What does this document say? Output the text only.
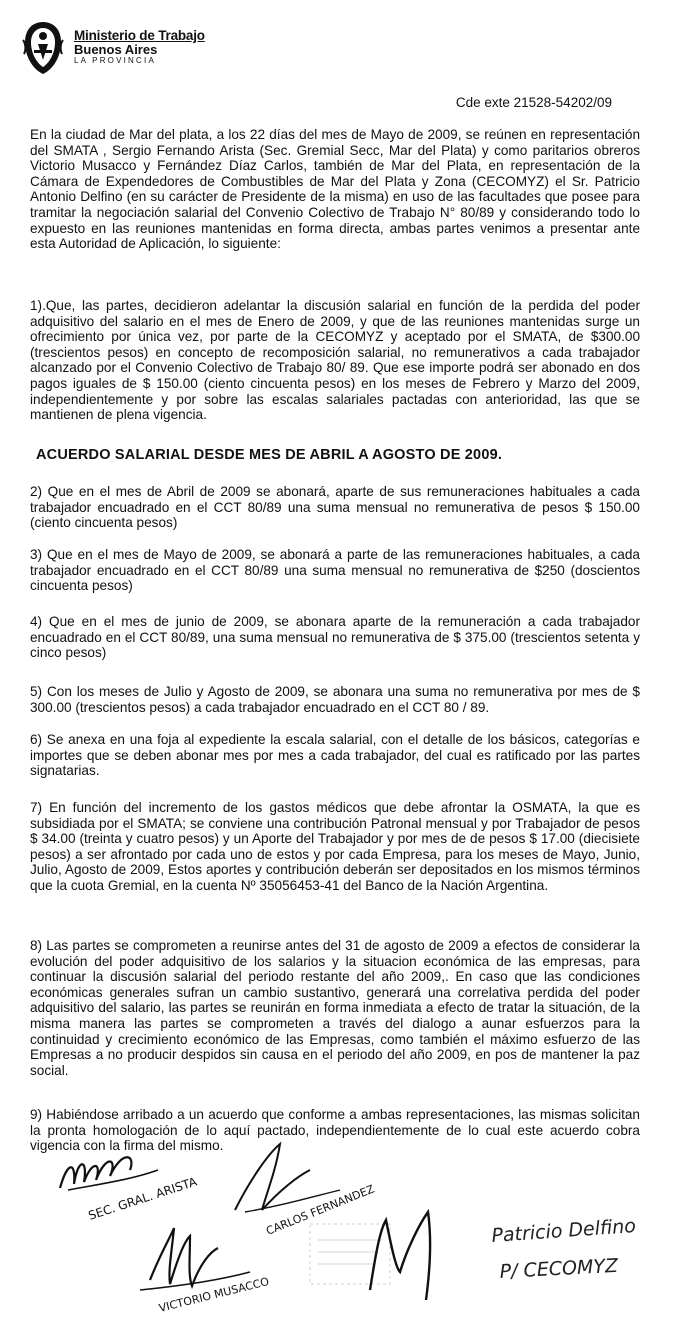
Ministerio de Trabajo
Buenos Aires
LA PROVINCIA
Cde exte 21528-54202/09

En la ciudad de Mar del plata, a los 22 días del mes de Mayo de 2009, se reúnen en representación del SMATA , Sergio Fernando Arista (Sec. Gremial Secc, Mar del Plata) y como paritarios obreros Victorio Musacco y Fernández Díaz Carlos, también de Mar del Plata, en representación de la Cámara de Expendedores de Combustibles de Mar del Plata y Zona (CECOMYZ) el Sr. Patricio Antonio Delfino (en su carácter de Presidente de la misma) en uso de las facultades que posee para tramitar la negociación salarial del Convenio Colectivo de Trabajo N° 80/89 y considerando todo lo expuesto en las reuniones mantenidas en forma directa, ambas partes venimos a presentar ante esta Autoridad de Aplicación, lo siguiente:

1).Que, las partes, decidieron adelantar la discusión salarial en función de la perdida del poder adquisitivo del salario en el mes de Enero de 2009, y que de las reuniones mantenidas surge un ofrecimiento por única vez, por parte de la CECOMYZ y aceptado por el SMATA, de $300.00 (trescientos pesos) en concepto de recomposición salarial, no remunerativos a cada trabajador alcanzado por el Convenio Colectivo de Trabajo 80/ 89. Que ese importe podrá ser abonado en dos pagos iguales de $ 150.00 (ciento cincuenta pesos) en los meses de Febrero y Marzo del 2009, independientemente y por sobre las escalas salariales pactadas con anterioridad, las que se mantienen de plena vigencia.

ACUERDO SALARIAL DESDE MES DE ABRIL A AGOSTO DE 2009.

2) Que en el mes de Abril de 2009 se abonará, aparte de sus remuneraciones habituales a cada trabajador encuadrado en el CCT 80/89 una suma mensual no remunerativa de pesos $ 150.00 (ciento cincuenta pesos)

3) Que en el mes de Mayo de 2009, se abonará a parte de las remuneraciones habituales, a cada trabajador encuadrado en el CCT 80/89 una suma mensual no remunerativa de $250 (doscientos cincuenta pesos)

4) Que en el mes de junio de 2009, se abonara aparte de la remuneración a cada trabajador encuadrado en el CCT 80/89, una suma mensual no remunerativa de $ 375.00 (trescientos setenta y cinco pesos)

5) Con los meses de Julio y Agosto de 2009, se abonara una suma no remunerativa por mes de $ 300.00 (trescientos pesos) a cada trabajador encuadrado en el CCT 80 / 89.

6) Se anexa en una foja al expediente la escala salarial, con el detalle de los básicos, categorías e importes que se deben abonar mes por mes a cada trabajador, del cual es ratificado por las partes signatarias.

7) En función del incremento de los gastos médicos que debe afrontar la OSMATA, la que es subsidiada por el SMATA; se conviene una contribución Patronal mensual y por Trabajador de pesos $ 34.00 (treinta y cuatro pesos) y un Aporte del Trabajador y por mes de de pesos $ 17.00 (diecisiete pesos) a ser afrontado por cada uno de estos y por cada Empresa, para los meses de Mayo, Junio, Julio, Agosto de 2009, Estos aportes y contribución deberán ser depositados en los mismos términos que la cuota Gremial, en la cuenta Nº 35056453-41 del Banco de la Nación Argentina.

8) Las partes se comprometen a reunirse antes del 31 de agosto de 2009 a efectos de considerar la evolución del poder adquisitivo de los salarios y la situacion económica de las empresas, para continuar la discusión salarial del periodo restante del año 2009,. En caso que las condiciones económicas generales sufran un cambio sustantivo, generará una correlativa perdida del poder adquisitivo del salario, las partes se reunirán en forma inmediata a efecto de tratar la situación, de la misma manera las partes se comprometen a través del dialogo a aunar esfuerzos para la continuidad y crecimiento económico de las Empresas, como también el máximo esfuerzo de las Empresas a no producir despidos sin causa en el periodo del año 2009, en pos de mantener la paz social.

9) Habiéndose arribado a un acuerdo que conforme a ambas representaciones, las mismas solicitan la pronta homologación de lo aquí pactado, independientemente de lo cual este acuerdo cobra vigencia con la firma del mismo.

SEC. GRAL. ARISTA	CARLOS FERNANDEZ
VICTORIO MUSACCO
Patricio Delfino
P/ CECOMYZ
